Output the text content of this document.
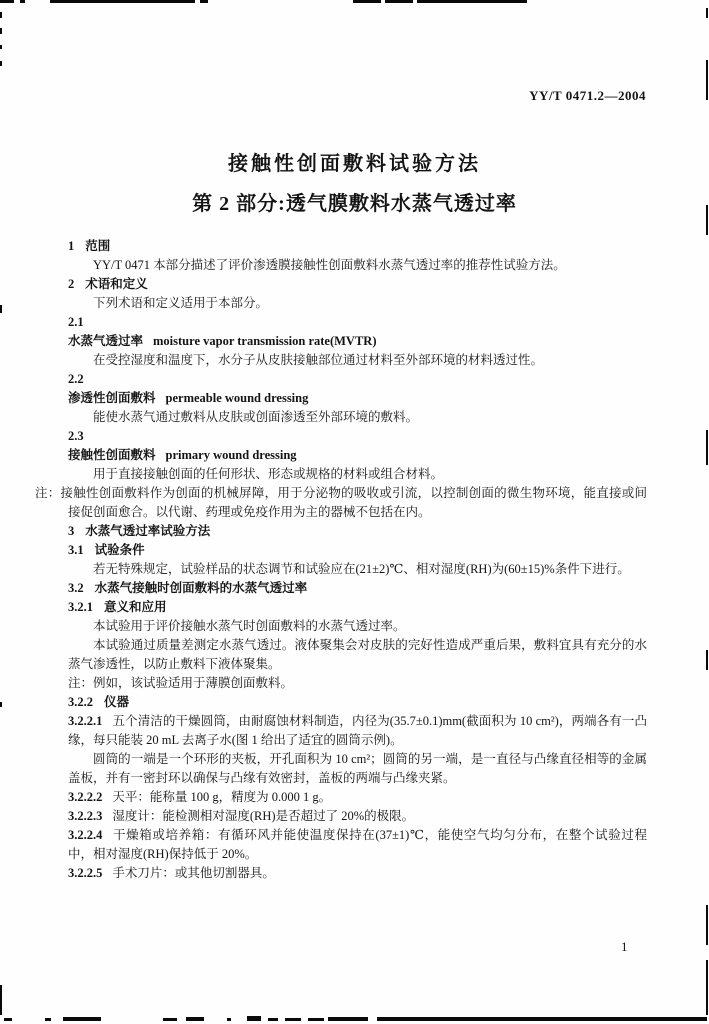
YY/T 0471.2—2004
接触性创面敷料试验方法
第 2 部分:透气膜敷料水蒸气透过率
1 范围

YY/T 0471 本部分描述了评价渗透膜接触性创面敷料水蒸气透过率的推荐性试验方法。

2 术语和定义

下列术语和定义适用于本部分。

2.1

水蒸气透过率 moisture vapor transmission rate(MVTR)

在受控湿度和温度下，水分子从皮肤接触部位通过材料至外部环境的材料透过性。

2.2

渗透性创面敷料 permeable wound dressing

能使水蒸气通过敷料从皮肤或创面渗透至外部环境的敷料。

2.3

接触性创面敷料 primary wound dressing

用于直接接触创面的任何形状、形态或规格的材料或组合材料。

注：接触性创面敷料作为创面的机械屏障，用于分泌物的吸收或引流，以控制创面的微生物环境，能直接或间接促创面愈合。以代谢、药理或免疫作用为主的器械不包括在内。

3 水蒸气透过率试验方法
3.1 试验条件

若无特殊规定，试验样品的状态调节和试验应在(21±2)℃、相对湿度(RH)为(60±15)%条件下进行。

3.2 水蒸气接触时创面敷料的水蒸气透过率
3.2.1 意义和应用

本试验用于评价接触水蒸气时创面敷料的水蒸气透过率。

本试验通过质量差测定水蒸气透过。液体聚集会对皮肤的完好性造成严重后果，敷料宜具有充分的水蒸气渗透性，以防止敷料下液体聚集。

注：例如，该试验适用于薄膜创面敷料。

3.2.2 仪器

3.2.2.1 五个清洁的干燥圆筒，由耐腐蚀材料制造，内径为(35.7±0.1)mm(截面积为 10 cm²)，两端各有一凸缘，每只能装 20 mL 去离子水(图 1 给出了适宜的圆筒示例)。

圆筒的一端是一个环形的夹板，开孔面积为 10 cm²；圆筒的另一端，是一直径与凸缘直径相等的金属盖板，并有一密封环以确保与凸缘有效密封，盖板的两端与凸缘夹紧。

3.2.2.2 天平：能称量 100 g，精度为 0.000 1 g。

3.2.2.3 湿度计：能检测相对湿度(RH)是否超过了 20%的极限。

3.2.2.4 干燥箱或培养箱：有循环风并能使温度保持在(37±1)℃，能使空气均匀分布，在整个试验过程中，相对湿度(RH)保持低于 20%。

3.2.2.5 手术刀片：或其他切割器具。

1
